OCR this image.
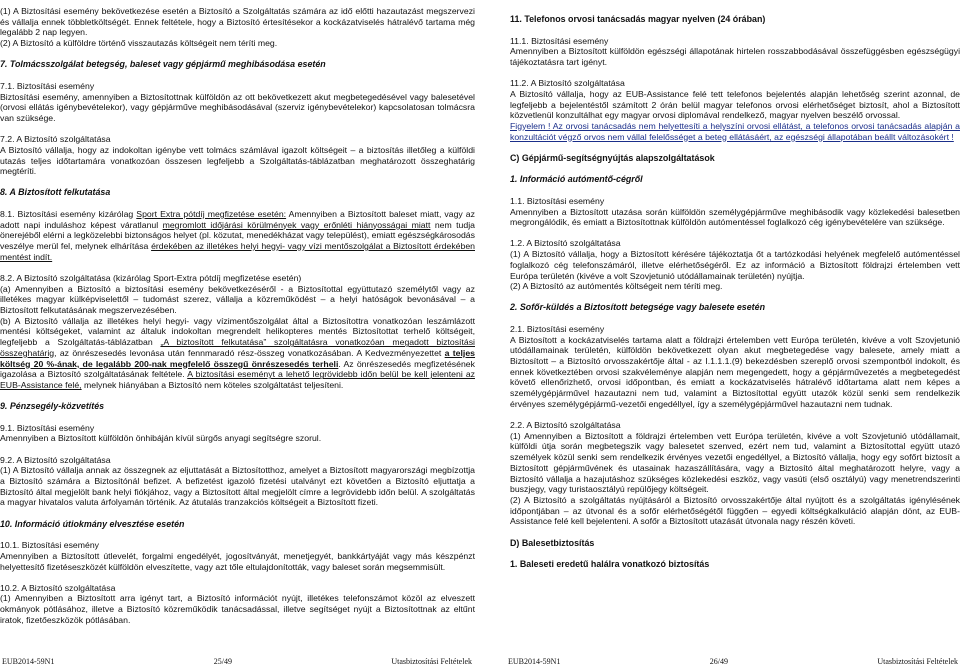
(1) A Biztosítási esemény bekövetkezése esetén a Biztosító a Szolgáltatás számára az idő előtti hazautazást megszervezi és vállalja ennek többletköltségét. Ennek feltétele, hogy a Biztosító értesítésekor a kockázatviselés hátralévő tartama még legalább 2 nap legyen.

(2) A Biztosító a külföldre történő visszautazás költségeit nem téríti meg.

7. Tolmácsszolgálat betegség, baleset vagy gépjármű meghibásodása esetén

7.1. Biztosítási esemény

Biztosítási esemény, amennyiben a Biztosítottnak külföldön az ott bekövetkezett akut megbetegedésével vagy balesetével (orvosi ellátás igénybevételekor), vagy gépjárműve meghibásodásával (szerviz igénybevételekor) kapcsolatosan tolmácsra van szüksége.

7.2. A Biztosító szolgáltatása

A Biztosító vállalja, hogy az indokoltan igénybe vett tolmács számlával igazolt költségeit – a biztosítás illetőleg a külföldi utazás teljes időtartamára vonatkozóan összesen legfeljebb a Szolgáltatás-táblázatban meghatározott összeghatárig megtéríti.

8. A Biztosított felkutatása

8.1. Biztosítási esemény kizárólag Sport Extra pótdíj megfizetése esetén: Amennyiben a Biztosított baleset miatt, vagy az adott napi induláshoz képest váratlanul megromlott időjárási körülmények vagy erőnléti hiányosságai miatt nem tudja önerejéből elérni a legközelebbi biztonságos helyet (pl. közutat, menedékházat vagy települést), emiatt egészségkárosodás veszélye merül fel, melynek elhárítása érdekében az illetékes helyi hegyi- vagy vízi mentőszolgálat a Biztosított érdekében mentést indít.

8.2. A Biztosító szolgáltatása (kizárólag Sport-Extra pótdíj megfizetése esetén)

(a) Amennyiben a Biztosító a biztosítási esemény bekövetkezéséről - a Biztosítottal együttutazó személytől vagy az illetékes magyar külképviselettől – tudomást szerez, vállalja a közreműködést – a helyi hatóságok bevonásával – a Biztosított felkutatásának megszervezésében.

(b) A Biztosító vállalja az illetékes helyi hegyi- vagy vízimentőszolgálat által a Biztosítottra vonatkozóan leszámlázott mentési költségeket, valamint az általuk indokoltan megrendelt helikopteres mentés Biztosítottat terhelő költségeit, legfeljebb a Szolgáltatás-táblázatban „A biztosított felkutatása” szolgáltatásra vonatkozóan megadott biztosítási összeghatárig, az önrészesedés levonása után fennmaradó rész-összeg vonatkozásában. A Kedvezményezettet a teljes költség 20 %-ának, de legalább 200-nak megfelelő összegű önrészesedés terheli. Az önrészesedés megfizetésének igazolása a Biztosító szolgáltatásának feltétele. A biztosítási eseményt a lehető legrövidebb időn belül be kell jelenteni az EUB-Assistance felé, melynek hiányában a Biztosító nem köteles szolgáltatást teljesíteni.

9. Pénzsegély-közvetítés

9.1. Biztosítási esemény

Amennyiben a Biztosított külföldön önhibáján kívül sürgős anyagi segítségre szorul.

9.2. A Biztosító szolgáltatása

(1) A Biztosító vállalja annak az összegnek az eljuttatását a Biztosítotthoz, amelyet a Biztosított magyarországi megbízottja a Biztosító számára a Biztosítónál befizet. A befizetést igazoló fizetési utalványt ezt követően a Biztosító eljuttatja a Biztosító által megjelölt bank helyi fiókjához, vagy a Biztosított által megjelölt címre a legrövidebb időn belül. A szolgáltatás a magyar hivatalos valuta árfolyamán történik. Az átutalás tranzakciós költségeit a Biztosított fizeti.

10. Információ útiokmány elvesztése esetén

10.1. Biztosítási esemény

Amennyiben a Biztosított útlevelét, forgalmi engedélyét, jogosítványát, menetjegyét, bankkártyáját vagy más készpénzt helyettesítő fizetéseszközét külföldön elveszítette, vagy azt tőle eltulajdonították, vagy baleset során megsemmisült.

10.2. A Biztosító szolgáltatása

(1) Amennyiben a Biztosított arra igényt tart, a Biztosító információt nyújt, illetékes telefonszámot közöl az elveszett okmányok pótlásához, illetve a Biztosító közreműködik tanácsadással, illetve segítséget nyújt a Biztosítottnak az eltűnt iratok, fizetőeszközök pótlásában.

EUB2014-59N1	25/49	Utasbiztosítási Feltételek

11. Telefonos orvosi tanácsadás magyar nyelven (24 órában)

11.1. Biztosítási esemény

Amennyiben a Biztosított külföldön egészségi állapotának hirtelen rosszabbodásával összefüggésben egészségügyi tájékoztatásra tart igényt.

11.2. A Biztosító szolgáltatása

A Biztosító vállalja, hogy az EUB-Assistance felé tett telefonos bejelentés alapján lehetőség szerint azonnal, de legfeljebb a bejelentéstől számított 2 órán belül magyar telefonos orvosi elérhetőséget biztosít, ahol a Biztosított közvetlenül konzultálhat egy magyar orvosi diplomával rendelkező, magyar nyelven beszélő orvossal.

Figyelem ! Az orvosi tanácsadás nem helyettesíti a helyszíni orvosi ellátást, a telefonos orvosi tanácsadás alapján a konzultációt végző orvos nem vállal felelősséget a beteg ellátásáért, az egészségi állapotában beállt változásokért !

C) Gépjármű-segítségnyújtás alapszolgáltatások

1. Információ autómentő-cégről

1.1. Biztosítási esemény

Amennyiben a Biztosított utazása során külföldön személygépjárműve meghibásodik vagy közlekedési balesetben megrongálódik, és emiatt a Biztosítottnak külföldön autómentéssel foglalkozó cég igénybevételére van szüksége.

1.2. A Biztosító szolgáltatása

(1) A Biztosító vállalja, hogy a Biztosított kérésére tájékoztatja őt a tartózkodási helyének megfelelő autómentéssel foglalkozó cég telefonszámáról, illetve elérhetőségéről. Ez az információ a Biztosított földrajzi értelemben vett Európa területén (kivéve a volt Szovjetunió utódállamainak területén) nyújtja.

(2) A Biztosító az autómentés költségeit nem téríti meg.

2. Sofőr-küldés a Biztosított betegsége vagy balesete esetén

2.1. Biztosítási esemény

A Biztosított a kockázatviselés tartama alatt a földrajzi értelemben vett Európa területén, kivéve a volt Szovjetunió utódállamainak területén, külföldön bekövetkezett olyan akut megbetegedése vagy balesete, amely miatt a Biztosított – a Biztosító orvosszakértője által - az I.1.1.1.(9) bekezdésben szereplő orvosi szempontból indokolt, és ennek következtében orvosi szakvéleménye alapján nem megengedett, hogy a gépjárművezetés a megbetegedést követő ellenőrizhető, orvosi időpontban, és emiatt a kockázatviselés hátralévő időtartama alatt nem képes a személygépjárművel hazautazni nem tud, valamint a Biztosítottal együtt utazók közül senki sem rendelkezik érvényes személygépjármű-vezetői engedéllyel, így a személygépjárművel hazautazni nem tudnak.

2.2. A Biztosító szolgáltatása

(1) Amennyiben a Biztosított a földrajzi értelemben vett Európa területén, kivéve a volt Szovjetunió utódállamait, külföldi útja során megbetegszik vagy balesetet szenved, ezért nem tud, valamint a Biztosítottal együtt utazó személyek közül senki sem rendelkezik érvényes vezetői engedéllyel, a Biztosító vállalja, hogy egy sofőrt biztosít a Biztosított gépjárművének és utasainak hazaszállítására, vagy a Biztosító által meghatározott helyre, vagy a Biztosító vállalja a hazajutáshoz szükséges közlekedési eszköz, vagy vasúti (első osztályú) vagy menetrendszerinti buszjegy, vagy turistaosztályú repülőjegy költségeit.

(2) A Biztosító a szolgáltatás nyújtásáról a Biztosító orvosszakértője által nyújtott és a szolgáltatás igénylésének időpontjában – az útvonal és a sofőr elérhetőségétől függően – egyedi költségkalkuláció alapján dönt, az EUB-Assistance felé kell bejelenteni. A sofőr a Biztosított utazását útvonala nagy részén követi.

D) Balesetbiztosítás

1. Baleseti eredetű halálra vonatkozó biztosítás

EUB2014-59N1	26/49	Utasbiztosítási Feltételek
